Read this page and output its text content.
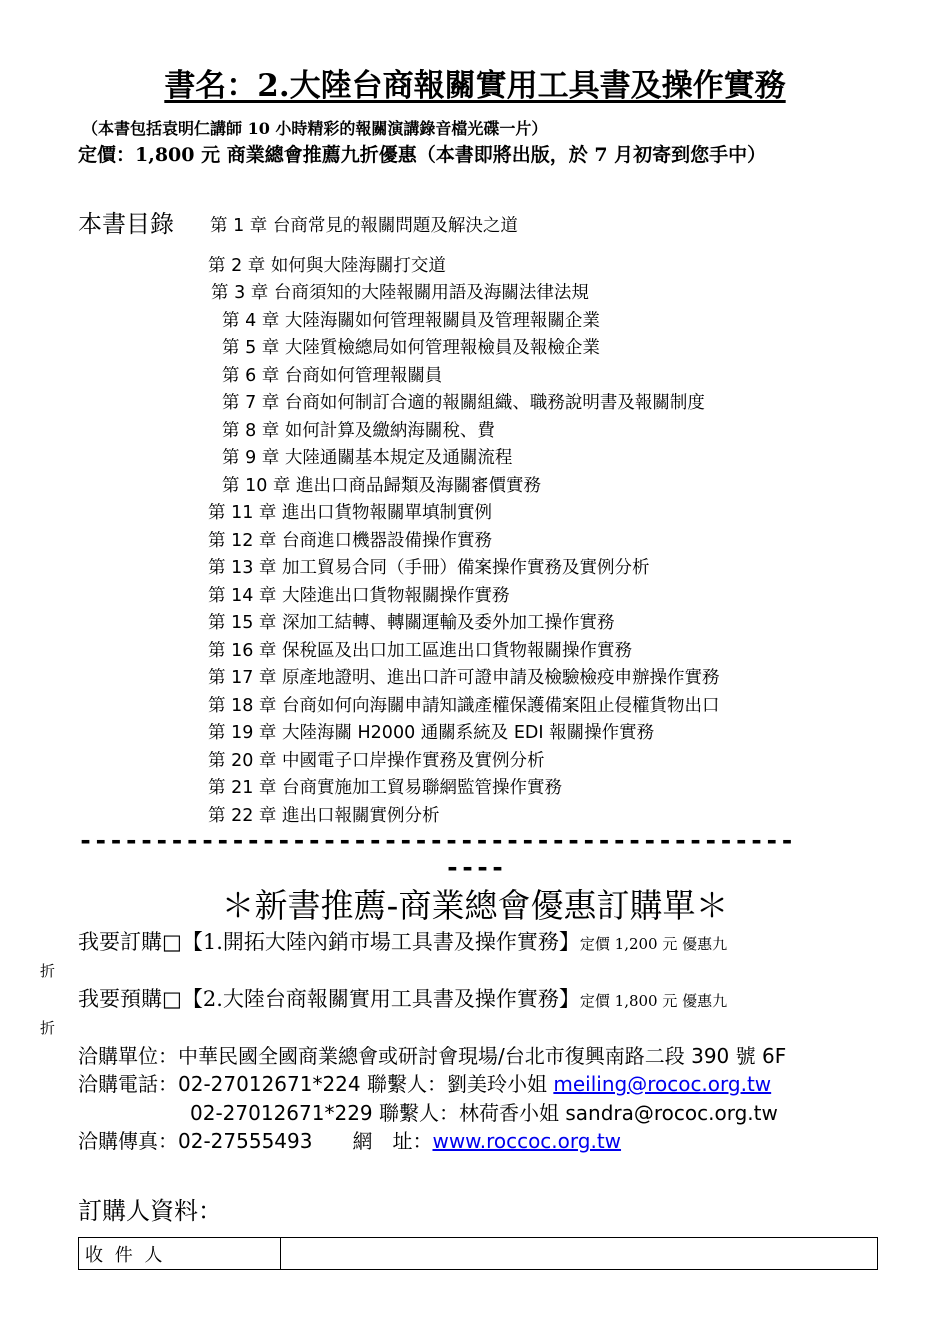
書名：2.大陸台商報關實用工具書及操作實務
（本書包括袁明仁講師 10 小時精彩的報關演講錄音檔光碟一片）
定價：1,800 元 商業總會推薦九折優惠（本書即將出版，於 7 月初寄到您手中）
本書目錄 第 1 章 台商常見的報關問題及解決之道
第 2 章 如何與大陸海關打交道
第 3 章 台商須知的大陸報關用語及海關法律法規
第 4 章 大陸海關如何管理報關員及管理報關企業
第 5 章 大陸質檢總局如何管理報檢員及報檢企業
第 6 章 台商如何管理報關員
第 7 章 台商如何制訂合適的報關組織、職務說明書及報關制度
第 8 章 如何計算及繳納海關稅、費
第 9 章 大陸通關基本規定及通關流程
第 10 章 進出口商品歸類及海關審價實務
第 11 章 進出口貨物報關單填制實例
第 12 章 台商進口機器設備操作實務
第 13 章 加工貿易合同（手冊）備案操作實務及實例分析
第 14 章 大陸進出口貨物報關操作實務
第 15 章 深加工結轉、轉關運輸及委外加工操作實務
第 16 章 保稅區及出口加工區進出口貨物報關操作實務
第 17 章 原產地證明、進出口許可證申請及檢驗檢疫申辦操作實務
第 18 章 台商如何向海關申請知識產權保護備案阻止侵權貨物出口
第 19 章 大陸海關 H2000 通關系統及 EDI 報關操作實務
第 20 章 中國電子口岸操作實務及實例分析
第 21 章 台商實施加工貿易聯網監管操作實務
第 22 章 進出口報關實例分析
-----------------------------------------------
----
＊新書推薦-商業總會優惠訂購單＊
我要訂購□【1.開拓大陸內銷市場工具書及操作實務】定價 1,200 元 優惠九
折
我要預購□【2.大陸台商報關實用工具書及操作實務】定價 1,800 元 優惠九
折
洽購單位：中華民國全國商業總會或研討會現場/台北市復興南路二段 390 號 6F
洽購電話：02-27012671*224 聯繫人：劉美玲小姐 meiling@rococ.org.tw
02-27012671*229 聯繫人：林荷香小姐 sandra@rococ.org.tw
洽購傳真：02-27555493　　網　址：www.roccoc.org.tw
訂購人資料：
收 件 人	
